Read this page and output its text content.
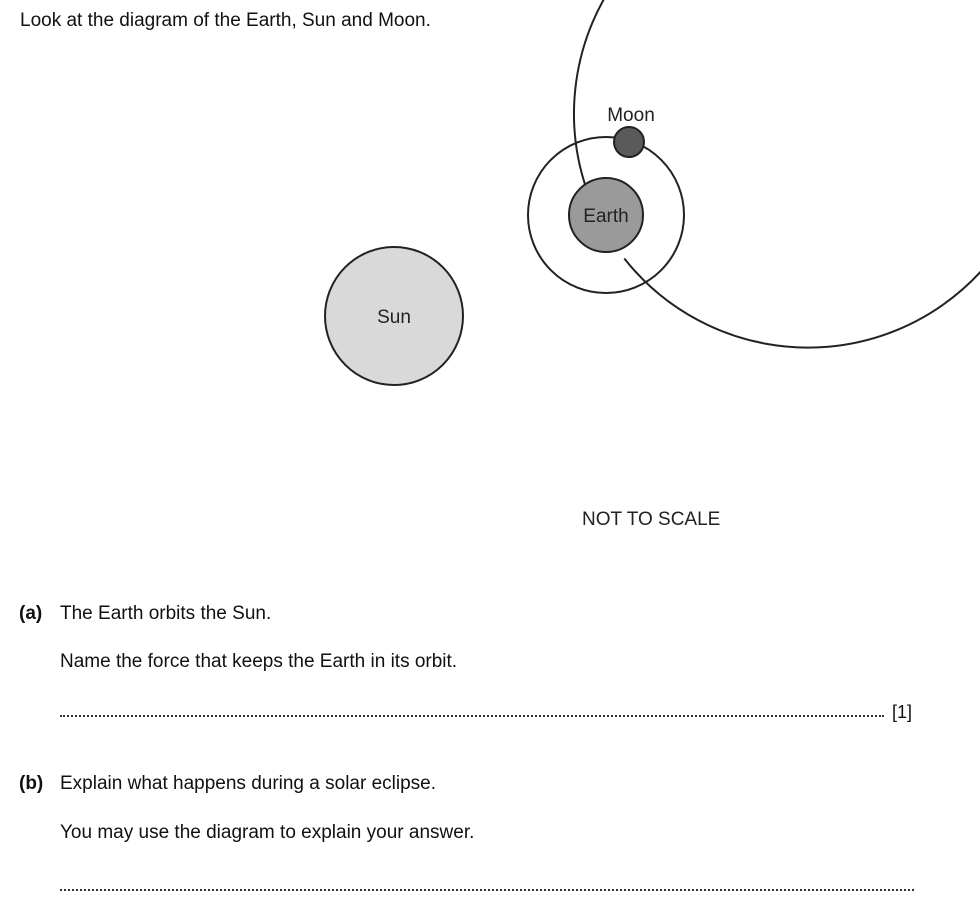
Look at the diagram of the Earth, Sun and Moon.
Sun
Earth
Moon
NOT TO SCALE
(a) The Earth orbits the Sun.
Name the force that keeps the Earth in its orbit.
[1]
(b) Explain what happens during a solar eclipse.
You may use the diagram to explain your answer.
